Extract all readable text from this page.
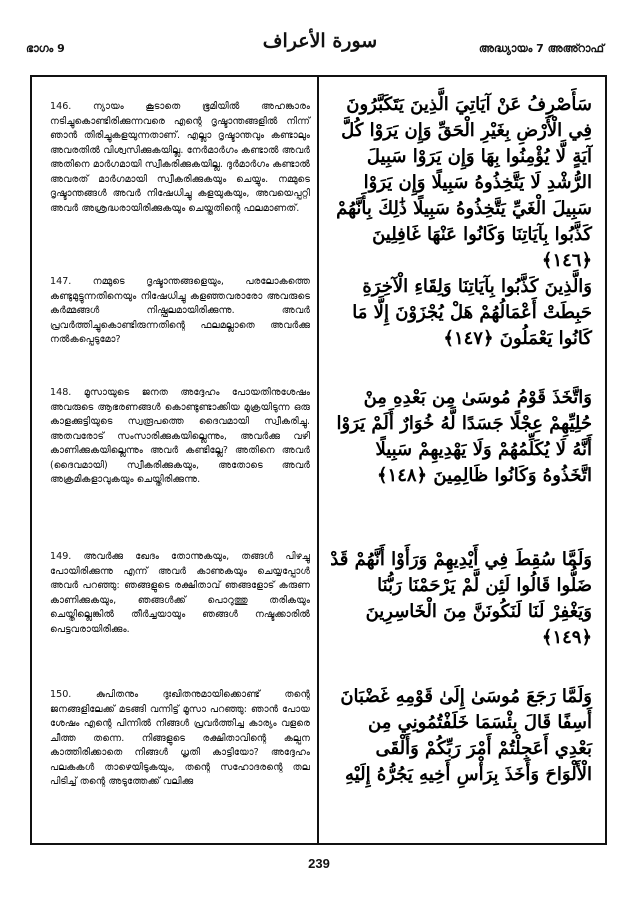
ഭാഗം 9	سورة الأعراف	അദ്ധ്യായം 7 അഅ്റാഫ്
146. ന്യായം കൂടാതെ ഭൂമിയിൽ അഹങ്കാരം നടിച്ചുകൊണ്ടിരിക്കുന്നവരെ എന്റെ ദൃഷ്ടാന്തങ്ങളിൽ നിന്ന് ഞാൻ തിരിച്ചുകളയുന്നതാണ്. എല്ലാ ദൃഷ്ടാന്തവും കണ്ടാലും അവരതിൽ വിശ്വസിക്കുകയില്ല. നേർമാർഗം കണ്ടാൽ അവർ അതിനെ മാർഗമായി സ്വീകരിക്കുകയില്ല. ദുർമാർഗം കണ്ടാൽ അവരത് മാർഗമായി സ്വീകരിക്കുകയും ചെയ്യും. നമ്മുടെ ദൃഷ്ടാന്തങ്ങൾ അവർ നിഷേധിച്ചു കളയുകയും, അവയെപ്പറ്റി അവർ അശ്രദ്ധരായിരിക്കുകയും ചെയ്തതിന്റെ ഫലമാണത്.
سَأَصْرِفُ عَنْ آيَاتِيَ الَّذِينَ يَتَكَبَّرُونَ فِي الْأَرْضِ بِغَيْرِ الْحَقِّ وَإِن يَرَوْا كُلَّ آيَةٍ لَّا يُؤْمِنُوا بِهَا وَإِن يَرَوْا سَبِيلَ الرُّشْدِ لَا يَتَّخِذُوهُ سَبِيلًا وَإِن يَرَوْا سَبِيلَ الْغَيِّ يَتَّخِذُوهُ سَبِيلًا ذَٰلِكَ بِأَنَّهُمْ كَذَّبُوا بِآيَاتِنَا وَكَانُوا عَنْهَا غَافِلِينَ ﴿١٤٦﴾
147. നമ്മുടെ ദൃഷ്ടാന്തങ്ങളെയും, പരലോകത്തെ കണ്ടുമുട്ടുന്നതിനെയും നിഷേധിച്ചു കളഞ്ഞവരാരോ അവരുടെ കർമ്മങ്ങൾ നിഷ്ഫലമായിരിക്കുന്നു. അവർ പ്രവർത്തിച്ചുകൊണ്ടിരുന്നതിന്റെ ഫലമല്ലാതെ അവർക്കു നൽകപ്പെടുമോ?
وَالَّذِينَ كَذَّبُوا بِآيَاتِنَا وَلِقَاءِ الْآخِرَةِ حَبِطَتْ أَعْمَالُهُمْ هَلْ يُجْزَوْنَ إِلَّا مَا كَانُوا يَعْمَلُونَ ﴿١٤٧﴾
148. മൂസായുടെ ജനത അദ്ദേഹം പോയതിനുശേഷം അവരുടെ ആഭരണങ്ങൾ കൊണ്ടുണ്ടാക്കിയ മുക്രയിടുന്ന ഒരു കാളക്കുട്ടിയുടെ സ്വരൂപത്തെ ദൈവമായി സ്വീകരിച്ചു. അതവരോട് സംസാരിക്കുകയില്ലെന്നും, അവർക്കു വഴി കാണിക്കുകയില്ലെന്നും അവർ കണ്ടില്ലേ? അതിനെ അവർ (ദൈവമായി) സ്വീകരിക്കുകയും, അതോടെ അവർ അക്രമികളാവുകയും ചെയ്തിരിക്കുന്നു.
وَاتَّخَذَ قَوْمُ مُوسَىٰ مِن بَعْدِهِ مِنْ حُلِيِّهِمْ عِجْلًا جَسَدًا لَّهُ خُوَارٌ أَلَمْ يَرَوْا أَنَّهُ لَا يُكَلِّمُهُمْ وَلَا يَهْدِيهِمْ سَبِيلًا اتَّخَذُوهُ وَكَانُوا ظَالِمِينَ ﴿١٤٨﴾
149. അവർക്കു ഖേദം തോന്നുകയും, തങ്ങൾ പിഴച്ചു പോയിരിക്കുന്നു എന്ന് അവർ കാണുകയും ചെയ്യപ്പോൾ അവർ പറഞ്ഞു: ഞങ്ങളുടെ രക്ഷിതാവ് ഞങ്ങളോട് കരുണ കാണിക്കുകയും, ഞങ്ങൾക്ക് പൊറുത്തു തരികയും ചെയ്തില്ലെങ്കിൽ തീർച്ചയായും ഞങ്ങൾ നഷ്ടക്കാരിൽ പെട്ടവരായിരിക്കും.
وَلَمَّا سُقِطَ فِي أَيْدِيهِمْ وَرَأَوْا أَنَّهُمْ قَدْ ضَلُّوا قَالُوا لَئِن لَّمْ يَرْحَمْنَا رَبُّنَا وَيَغْفِرْ لَنَا لَنَكُونَنَّ مِنَ الْخَاسِرِينَ ﴿١٤٩﴾
150. കുപിതനും ദുഃഖിതനുമായിക്കൊണ്ട് തന്റെ ജനങ്ങളിലേക്ക് മടങ്ങി വന്നിട്ട് മൂസാ പറഞ്ഞു: ഞാൻ പോയ ശേഷം എന്റെ പിന്നിൽ നിങ്ങൾ പ്രവർത്തിച്ച കാര്യം വളരെ ചീത്ത തന്നെ. നിങ്ങളുടെ രക്ഷിതാവിന്റെ കല്പന കാത്തിരിക്കാതെ നിങ്ങൾ ധൃതി കാട്ടിയോ? അദ്ദേഹം പലകകൾ താഴെയിടുകയും, തന്റെ സഹോദരന്റെ തല പിടിച്ച് തന്റെ അടുത്തേക്ക് വലിക്കു
وَلَمَّا رَجَعَ مُوسَىٰ إِلَىٰ قَوْمِهِ غَضْبَانَ أَسِفًا قَالَ بِئْسَمَا خَلَفْتُمُونِي مِن بَعْدِي أَعَجِلْتُمْ أَمْرَ رَبِّكُمْ وَأَلْقَى الْأَلْوَاحَ وَأَخَذَ بِرَأْسِ أَخِيهِ يَجُرُّهُ إِلَيْهِ
239
